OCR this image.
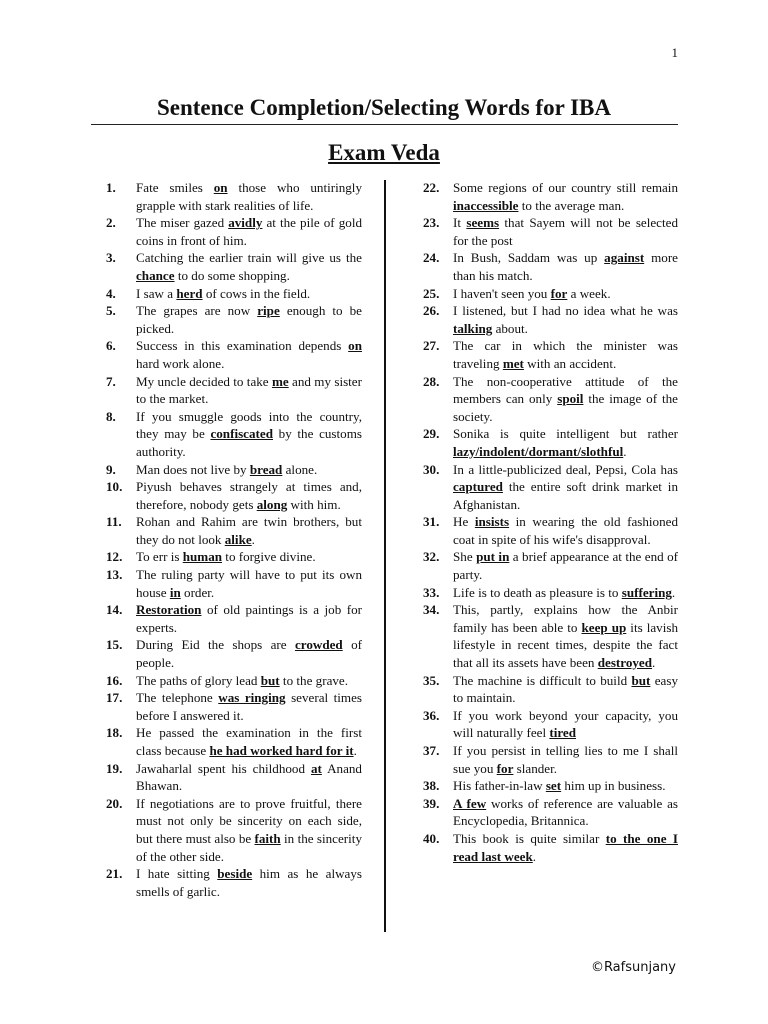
1
Sentence Completion/Selecting Words for IBA
Exam Veda
1.	Fate smiles on those who untiringly grapple with stark realities of life.
2.	The miser gazed avidly at the pile of gold coins in front of him.
3.	Catching the earlier train will give us the chance to do some shopping.
4.	I saw a herd of cows in the field.
5.	The grapes are now ripe enough to be picked.
6.	Success in this examination depends on hard work alone.
7.	My uncle decided to take me and my sister to the market.
8.	If you smuggle goods into the country, they may be confiscated by the customs authority.
9.	Man does not live by bread alone.
10.	Piyush behaves strangely at times and, therefore, nobody gets along with him.
11.	Rohan and Rahim are twin brothers, but they do not look alike.
12.	To err is human to forgive divine.
13.	The ruling party will have to put its own house in order.
14.	Restoration of old paintings is a job for experts.
15.	During Eid the shops are crowded of people.
16.	The paths of glory lead but to the grave.
17.	The telephone was ringing several times before I answered it.
18.	He passed the examination in the first class because he had worked hard for it.
19.	Jawaharlal spent his childhood at Anand Bhawan.
20.	If negotiations are to prove fruitful, there must not only be sincerity on each side, but there must also be faith in the sincerity of the other side.
21.	I hate sitting beside him as he always smells of garlic.
22.	Some regions of our country still remain inaccessible to the average man.
23.	It seems that Sayem will not be selected for the post
24.	In Bush, Saddam was up against more than his match.
25.	I haven't seen you for a week.
26.	I listened, but I had no idea what he was talking about.
27.	The car in which the minister was traveling met with an accident.
28.	The non-cooperative attitude of the members can only spoil the image of the society.
29.	Sonika is quite intelligent but rather lazy/indolent/dormant/slothful.
30.	In a little-publicized deal, Pepsi, Cola has captured the entire soft drink market in Afghanistan.
31.	He insists in wearing the old fashioned coat in spite of his wife's disapproval.
32.	She put in a brief appearance at the end of party.
33.	Life is to death as pleasure is to suffering.
34.	This, partly, explains how the Anbir family has been able to keep up its lavish lifestyle in recent times, despite the fact that all its assets have been destroyed.
35.	The machine is difficult to build but easy to maintain.
36.	If you work beyond your capacity, you will naturally feel tired
37.	If you persist in telling lies to me I shall sue you for slander.
38.	His father-in-law set him up in business.
39.	A few works of reference are valuable as Encyclopedia, Britannica.
40.	This book is quite similar to the one I read last week.
©Rafsunjany
